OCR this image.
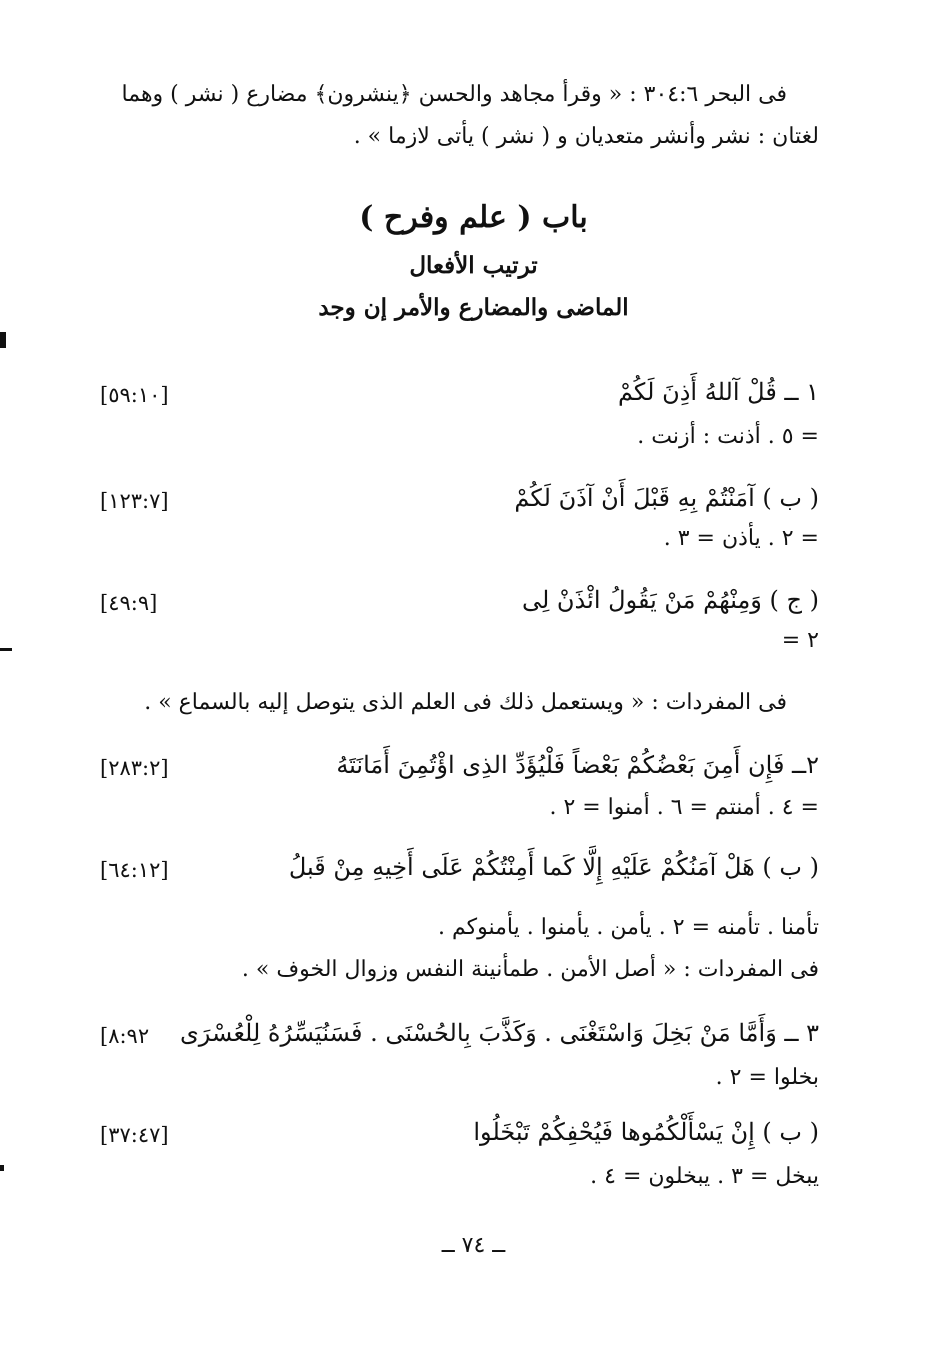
فى البحر ٣٠٤:٦ : « وقرأ مجاهد والحسن ﴿ينشرون﴾ مضارع ( نشر ) وهما
لغتان : نشر وأنشر متعديان و ( نشر ) يأتى لازما » .
باب ( علم وفرح )
ترتيب الأفعال
الماضى والمضارع والأمر إن وجد
١ ــ قُلْ آللهُ أَذِنَ لَكُمْ
[٥٩:١٠]
= ٥ . أذنت : أزنت .
( ب ) آمَنْتُمْ بِهِ قَبْلَ أَنْ آذَنَ لَكُمْ
[١٢٣:٧]
= ٢ . يأذن = ٣ .
( ج ) وَمِنْهُمْ مَنْ يَقُولُ ائْذَنْ لِى
[٤٩:٩]
= ٢
فى المفردات : « ويستعمل ذلك فى العلم الذى يتوصل إليه بالسماع » .
٢ــ فَإِن أَمِنَ بَعْضُكُمْ بَعْضاً فَلْيُؤَدِّ الذِى اؤْتُمِنَ أَمَانَتَهُ
[٢٨٣:٢]
= ٤ . أمنتم = ٦ . أمنوا = ٢ .
( ب ) هَلْ آمَنُكُمْ عَلَيْهِ إِلَّا كَما أَمِنْتُكُمْ عَلَى أَخِيهِ مِنْ قَبلُ
[٦٤:١٢]
تأمنا . تأمنه = ٢ . يأمن . يأمنوا . يأمنوكم .
فى المفردات : « أصل الأمن . طمأنينة النفس وزوال الخوف » .
٣ ــ وَأَمَّا مَنْ بَخِلَ وَاسْتَغْنَى . وَكَذَّبَ بِالحُسْنَى . فَسَنُيَسِّرُهُ لِلْعُسْرَى
[٨:٩٢
بخلوا = ٢ .
( ب ) إِنْ يَسْأَلْكُمُوها فَيُحْفِكُمْ تَبْخَلُوا
[٣٧:٤٧]
يبخل = ٣ . يبخلون = ٤ .
ــ ٧٤ ــ
